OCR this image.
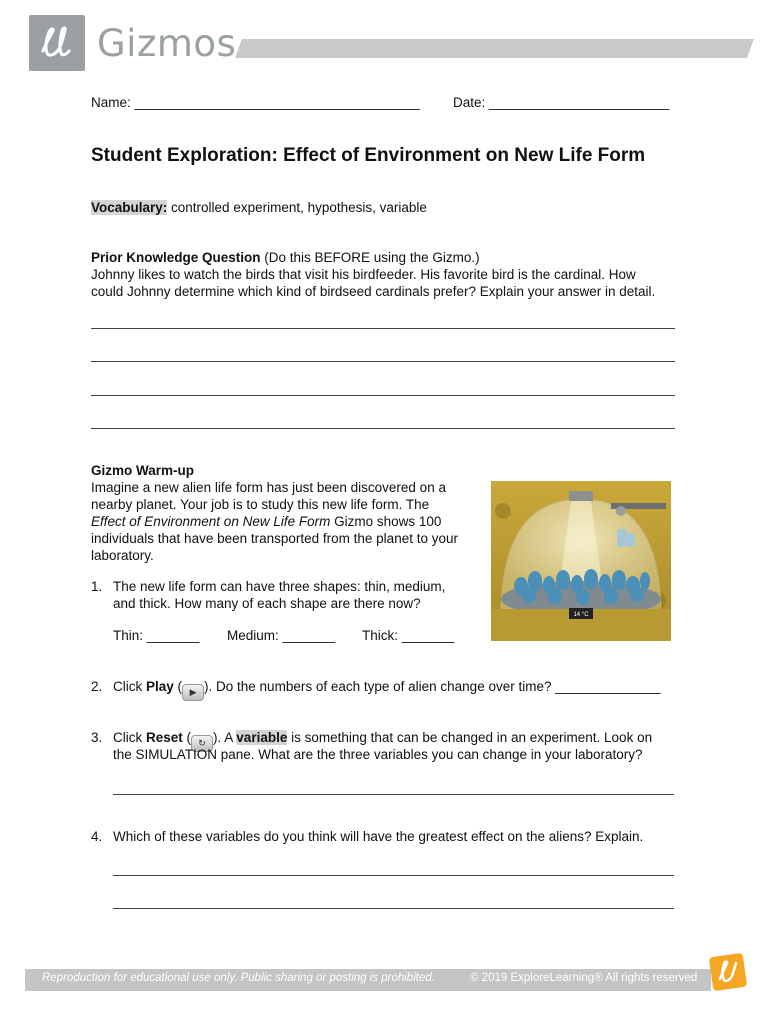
Gizmos
Name: ______________________________________ Date: ________________________
Student Exploration: Effect of Environment on New Life Form
Vocabulary: controlled experiment, hypothesis, variable
Prior Knowledge Question (Do this BEFORE using the Gizmo.)
Johnny likes to watch the birds that visit his birdfeeder. His favorite bird is the cardinal. How
could Johnny determine which kind of birdseed cardinals prefer? Explain your answer in detail.
Gizmo Warm-up
Imagine a new alien life form has just been discovered on a
nearby planet. Your job is to study this new life form. The
Effect of Environment on New Life Form Gizmo shows 100
individuals that have been transported from the planet to your
laboratory.
14 °C
1. The new life form can have three shapes: thin, medium,
and thick. How many of each shape are there now?
Thin: _______ Medium: _______ Thick: _______
2. Click Play ( ▶ ). Do the numbers of each type of alien change over time? ______________
3. Click Reset ( ↻ ). A variable is something that can be changed in an experiment. Look on
the SIMULATION pane. What are the three variables you can change in your laboratory?
4. Which of these variables do you think will have the greatest effect on the aliens? Explain.
Reproduction for educational use only. Public sharing or posting is prohibited.	© 2019 ExploreLearning® All rights reserved
